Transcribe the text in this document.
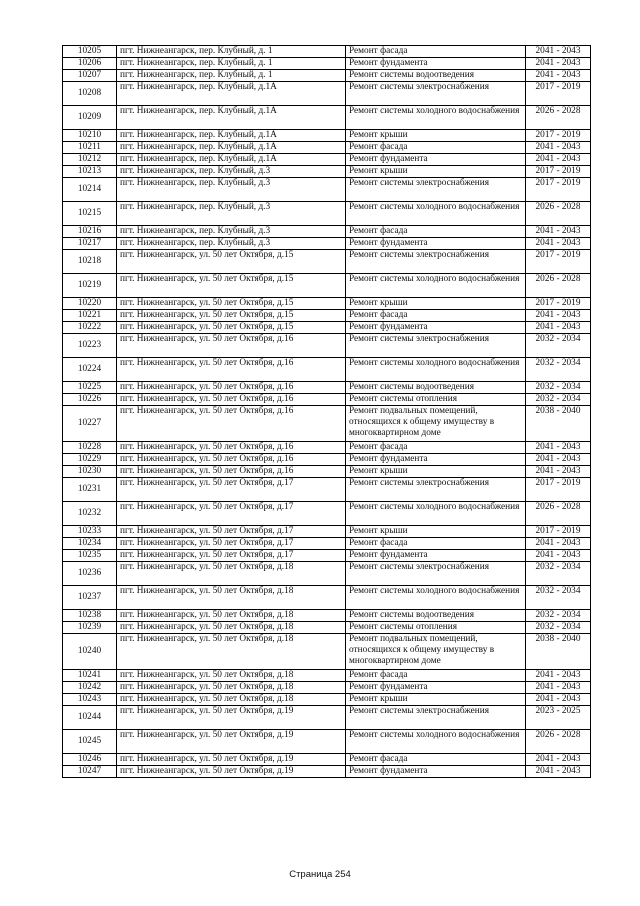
10205	пгт. Нижнеангарск, пер. Клубный, д. 1	Ремонт фасада	2041 - 2043
10206	пгт. Нижнеангарск, пер. Клубный, д. 1	Ремонт фундамента	2041 - 2043
10207	пгт. Нижнеангарск, пер. Клубный, д. 1	Ремонт системы водоотведения	2041 - 2043
10208	пгт. Нижнеангарск, пер. Клубный, д.1А	Ремонт системы электроснабжения	2017 - 2019
10209	пгт. Нижнеангарск, пер. Клубный, д.1А	Ремонт системы холодного водоснабжения	2026 - 2028
10210	пгт. Нижнеангарск, пер. Клубный, д.1А	Ремонт крыши	2017 - 2019
10211	пгт. Нижнеангарск, пер. Клубный, д.1А	Ремонт фасада	2041 - 2043
10212	пгт. Нижнеангарск, пер. Клубный, д.1А	Ремонт фундамента	2041 - 2043
10213	пгт. Нижнеангарск, пер. Клубный, д.3	Ремонт крыши	2017 - 2019
10214	пгт. Нижнеангарск, пер. Клубный, д.3	Ремонт системы электроснабжения	2017 - 2019
10215	пгт. Нижнеангарск, пер. Клубный, д.3	Ремонт системы холодного водоснабжения	2026 - 2028
10216	пгт. Нижнеангарск, пер. Клубный, д.3	Ремонт фасада	2041 - 2043
10217	пгт. Нижнеангарск, пер. Клубный, д.3	Ремонт фундамента	2041 - 2043
10218	пгт. Нижнеангарск, ул. 50 лет Октября, д.15	Ремонт системы электроснабжения	2017 - 2019
10219	пгт. Нижнеангарск, ул. 50 лет Октября, д.15	Ремонт системы холодного водоснабжения	2026 - 2028
10220	пгт. Нижнеангарск, ул. 50 лет Октября, д.15	Ремонт крыши	2017 - 2019
10221	пгт. Нижнеангарск, ул. 50 лет Октября, д.15	Ремонт фасада	2041 - 2043
10222	пгт. Нижнеангарск, ул. 50 лет Октября, д.15	Ремонт фундамента	2041 - 2043
10223	пгт. Нижнеангарск, ул. 50 лет Октября, д.16	Ремонт системы электроснабжения	2032 - 2034
10224	пгт. Нижнеангарск, ул. 50 лет Октября, д.16	Ремонт системы холодного водоснабжения	2032 - 2034
10225	пгт. Нижнеангарск, ул. 50 лет Октября, д.16	Ремонт системы водоотведения	2032 - 2034
10226	пгт. Нижнеангарск, ул. 50 лет Октября, д.16	Ремонт системы отопления	2032 - 2034
10227	пгт. Нижнеангарск, ул. 50 лет Октября, д.16	Ремонт подвальных помещений, относящихся к общему имуществу в многоквартирном доме	2038 - 2040
10228	пгт. Нижнеангарск, ул. 50 лет Октября, д.16	Ремонт фасада	2041 - 2043
10229	пгт. Нижнеангарск, ул. 50 лет Октября, д.16	Ремонт фундамента	2041 - 2043
10230	пгт. Нижнеангарск, ул. 50 лет Октября, д.16	Ремонт крыши	2041 - 2043
10231	пгт. Нижнеангарск, ул. 50 лет Октября, д.17	Ремонт системы электроснабжения	2017 - 2019
10232	пгт. Нижнеангарск, ул. 50 лет Октября, д.17	Ремонт системы холодного водоснабжения	2026 - 2028
10233	пгт. Нижнеангарск, ул. 50 лет Октября, д.17	Ремонт крыши	2017 - 2019
10234	пгт. Нижнеангарск, ул. 50 лет Октября, д.17	Ремонт фасада	2041 - 2043
10235	пгт. Нижнеангарск, ул. 50 лет Октября, д.17	Ремонт фундамента	2041 - 2043
10236	пгт. Нижнеангарск, ул. 50 лет Октября, д.18	Ремонт системы электроснабжения	2032 - 2034
10237	пгт. Нижнеангарск, ул. 50 лет Октября, д.18	Ремонт системы холодного водоснабжения	2032 - 2034
10238	пгт. Нижнеангарск, ул. 50 лет Октября, д.18	Ремонт системы водоотведения	2032 - 2034
10239	пгт. Нижнеангарск, ул. 50 лет Октября, д.18	Ремонт системы отопления	2032 - 2034
10240	пгт. Нижнеангарск, ул. 50 лет Октября, д.18	Ремонт подвальных помещений, относящихся к общему имуществу в многоквартирном доме	2038 - 2040
10241	пгт. Нижнеангарск, ул. 50 лет Октября, д.18	Ремонт фасада	2041 - 2043
10242	пгт. Нижнеангарск, ул. 50 лет Октября, д.18	Ремонт фундамента	2041 - 2043
10243	пгт. Нижнеангарск, ул. 50 лет Октября, д.18	Ремонт крыши	2041 - 2043
10244	пгт. Нижнеангарск, ул. 50 лет Октября, д.19	Ремонт системы электроснабжения	2023 - 2025
10245	пгт. Нижнеангарск, ул. 50 лет Октября, д.19	Ремонт системы холодного водоснабжения	2026 - 2028
10246	пгт. Нижнеангарск, ул. 50 лет Октября, д.19	Ремонт фасада	2041 - 2043
10247	пгт. Нижнеангарск, ул. 50 лет Октября, д.19	Ремонт фундамента	2041 - 2043
Страница 254
